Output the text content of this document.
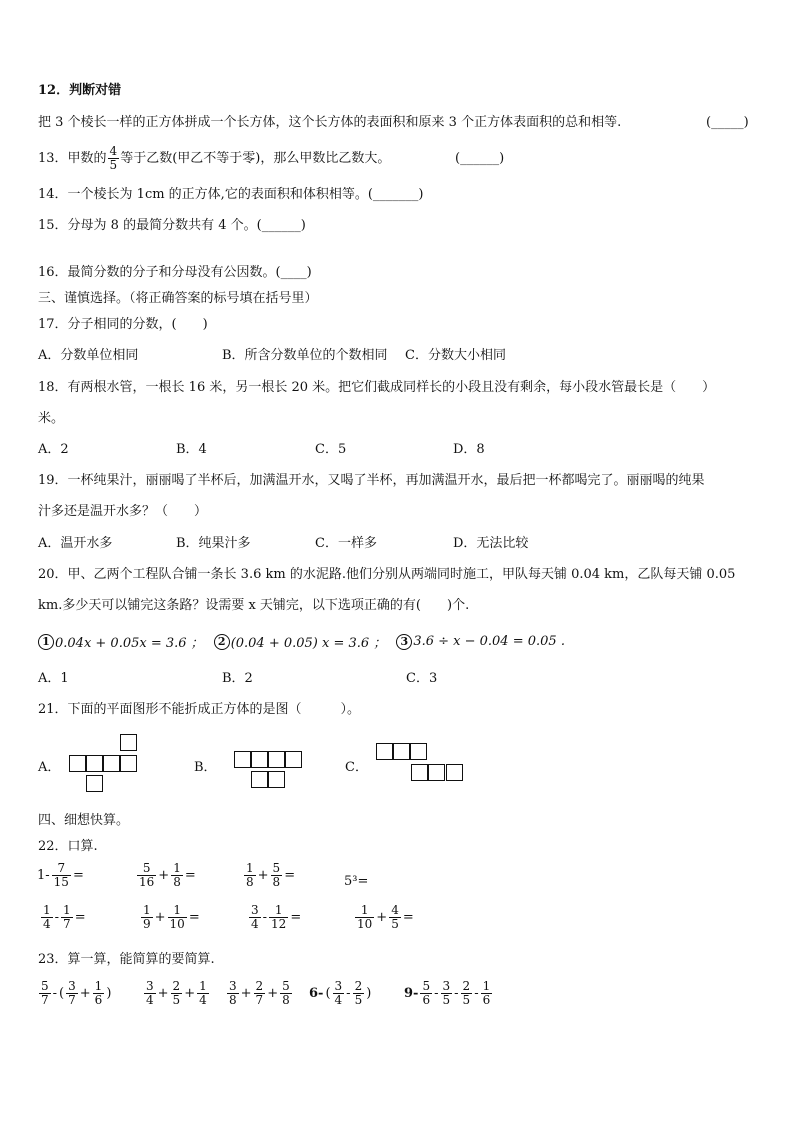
12．判断对错
把 3 个棱长一样的正方体拼成一个长方体，这个长方体的表面积和原来 3 个正方体表面积的总和相等.	(_____)
13．甲数的 $\frac{4}{5}$ 等于乙数(甲乙不等于零)，那么甲数比乙数大。	(______)
14．一个棱长为 1cm 的正方体,它的表面积和体积相等。(_______)
15．分母为 8 的最简分数共有 4 个。(______)
16．最简分数的分子和分母没有公因数。(____)
三、谨慎选择。（将正确答案的标号填在括号里）
17．分子相同的分数，(　　)
A．分数单位相同	B．所含分数单位的个数相同 C．分数大小相同
18．有两根水管，一根长 16 米，另一根长 20 米。把它们截成同样长的小段且没有剩余，每小段水管最长是（　　）
米。
A．2	B．4	C．5	D．8
19．一杯纯果汁，丽丽喝了半杯后，加满温开水，又喝了半杯，再加满温开水，最后把一杯都喝完了。丽丽喝的纯果
汁多还是温开水多？（　　）
A．温开水多	B．纯果汁多	C．一样多	D．无法比较
20．甲、乙两个工程队合铺一条长 3.6 km 的水泥路.他们分别从两端同时施工，甲队每天铺 0.04 km，乙队每天铺 0.05
km.多少天可以铺完这条路？设需要 x 天铺完，以下选项正确的有(　　)个.
1 0.04x + 0.05x = 3.6 ；	2 (0.04 + 0.05) x = 3.6 ；	3 3.6 ÷ x − 0.04 = 0.05 .
A．1	B．2	C．3
21．下面的平面图形不能折成正方体的是图（　　　）。
A．	B．	C．
四、细想快算。
22．口算.
$1- \frac{7}{15}$ =	$\frac{5}{16} + \frac{1}{8}$ =	$\frac{1}{8} + \frac{5}{8}$ =	5³=
$\frac{1}{4} - \frac{1}{7}$ =	$\frac{1}{9} + \frac{1}{10}$ =	$\frac{3}{4} - \frac{1}{12}$ =	$\frac{1}{10} + \frac{4}{5}$ =
23．算一算，能简算的要简算.
$\frac{5}{7}$ - ( $\frac{3}{7} + \frac{1}{6}$ )	$\frac{3}{4} + \frac{2}{5} + \frac{1}{4} \frac{3}{8} + \frac{2}{7} + \frac{5}{8} 6-$ ( $\frac{3}{4} - \frac{2}{5}$ )	$9- \frac{5}{6} - \frac{3}{5} - \frac{2}{5} - \frac{1}{6}$
